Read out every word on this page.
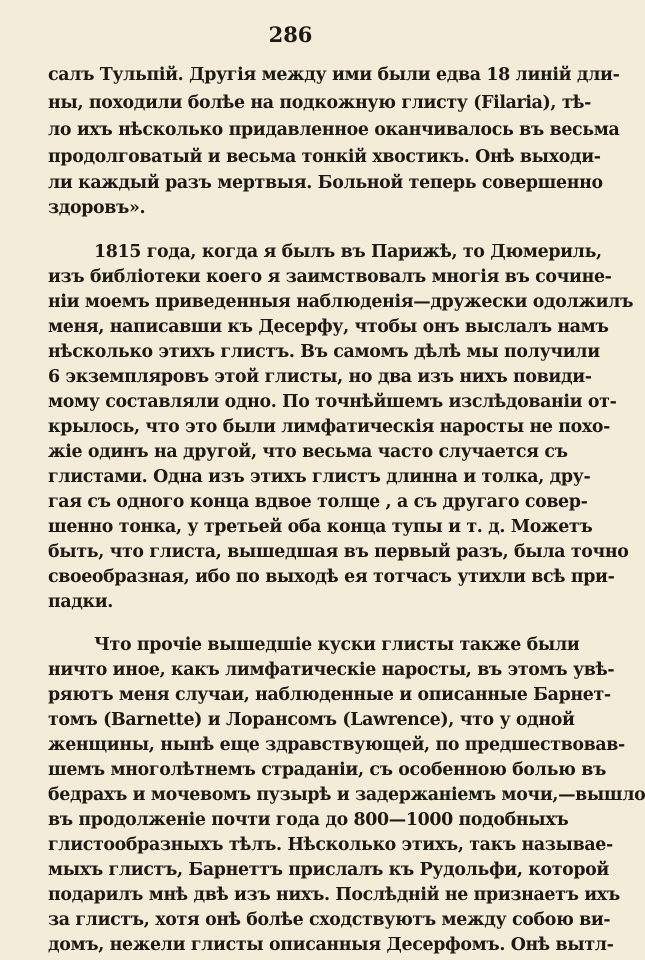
286
салъ Тульпій. Другія между ими были едва 18 линій дли-
ны, походили болѣе на подкожную глисту (Filaria), тѣ-
ло ихъ нѣсколько придавленное оканчивалось въ весьма
продолговатый и весьма тонкій хвостикъ. Онѣ выходи-
ли каждый разъ мертвыя. Больной теперь совершенно
здоровъ».
1815 года, когда я былъ въ Парижѣ, то Дюмериль,
изъ библіотеки коего я заимствовалъ многія въ сочине-
ніи моемъ приведенныя наблюденія—дружески одолжилъ
меня, написавши къ Десерфу, чтобы онъ выслалъ намъ
нѣсколько этихъ глистъ. Въ самомъ дѣлѣ мы получили
6 экземпляровъ этой глисты, но два изъ нихъ повиди-
мому составляли одно. По точнѣйшемъ изслѣдованіи от-
крылось, что это были лимфатическія наросты не похо-
жіе одинъ на другой, что весьма часто случается съ
глистами. Одна изъ этихъ глистъ длинна и толка, дру-
гая съ одного конца вдвое толще , а съ другаго совер-
шенно тонка, у третьей оба конца тупы и т. д. Можетъ
быть, что глиста, вышедшая въ первый разъ, была точно
своеобразная, ибо по выходѣ ея тотчасъ утихли всѣ при-
падки.
Что прочіе вышедшіе куски глисты также были
ничто иное, какъ лимфатическіе наросты, въ этомъ увѣ-
ряютъ меня случаи, наблюденные и описанные Барнет-
томъ (Barnette) и Лорансомъ (Lawrence), что у одной
женщины, нынѣ еще здравствующей, по предшествовав-
шемъ многолѣтнемъ страданіи, съ особенною болью въ
бедрахъ и мочевомъ пузырѣ и задержаніемъ мочи,—вышло
въ продолженіе почти года до 800—1000 подобныхъ
глистообразныхъ тѣлъ. Нѣсколько этихъ, такъ называе-
мыхъ глистъ, Барнеттъ прислалъ къ Рудольфи, которой
подарилъ мнѣ двѣ изъ нихъ. Послѣдній не признаетъ ихъ
за глистъ, хотя онѣ болѣе сходствуютъ между собою ви-
домъ, нежели глисты описанныя Десерфомъ. Онѣ вытл-
